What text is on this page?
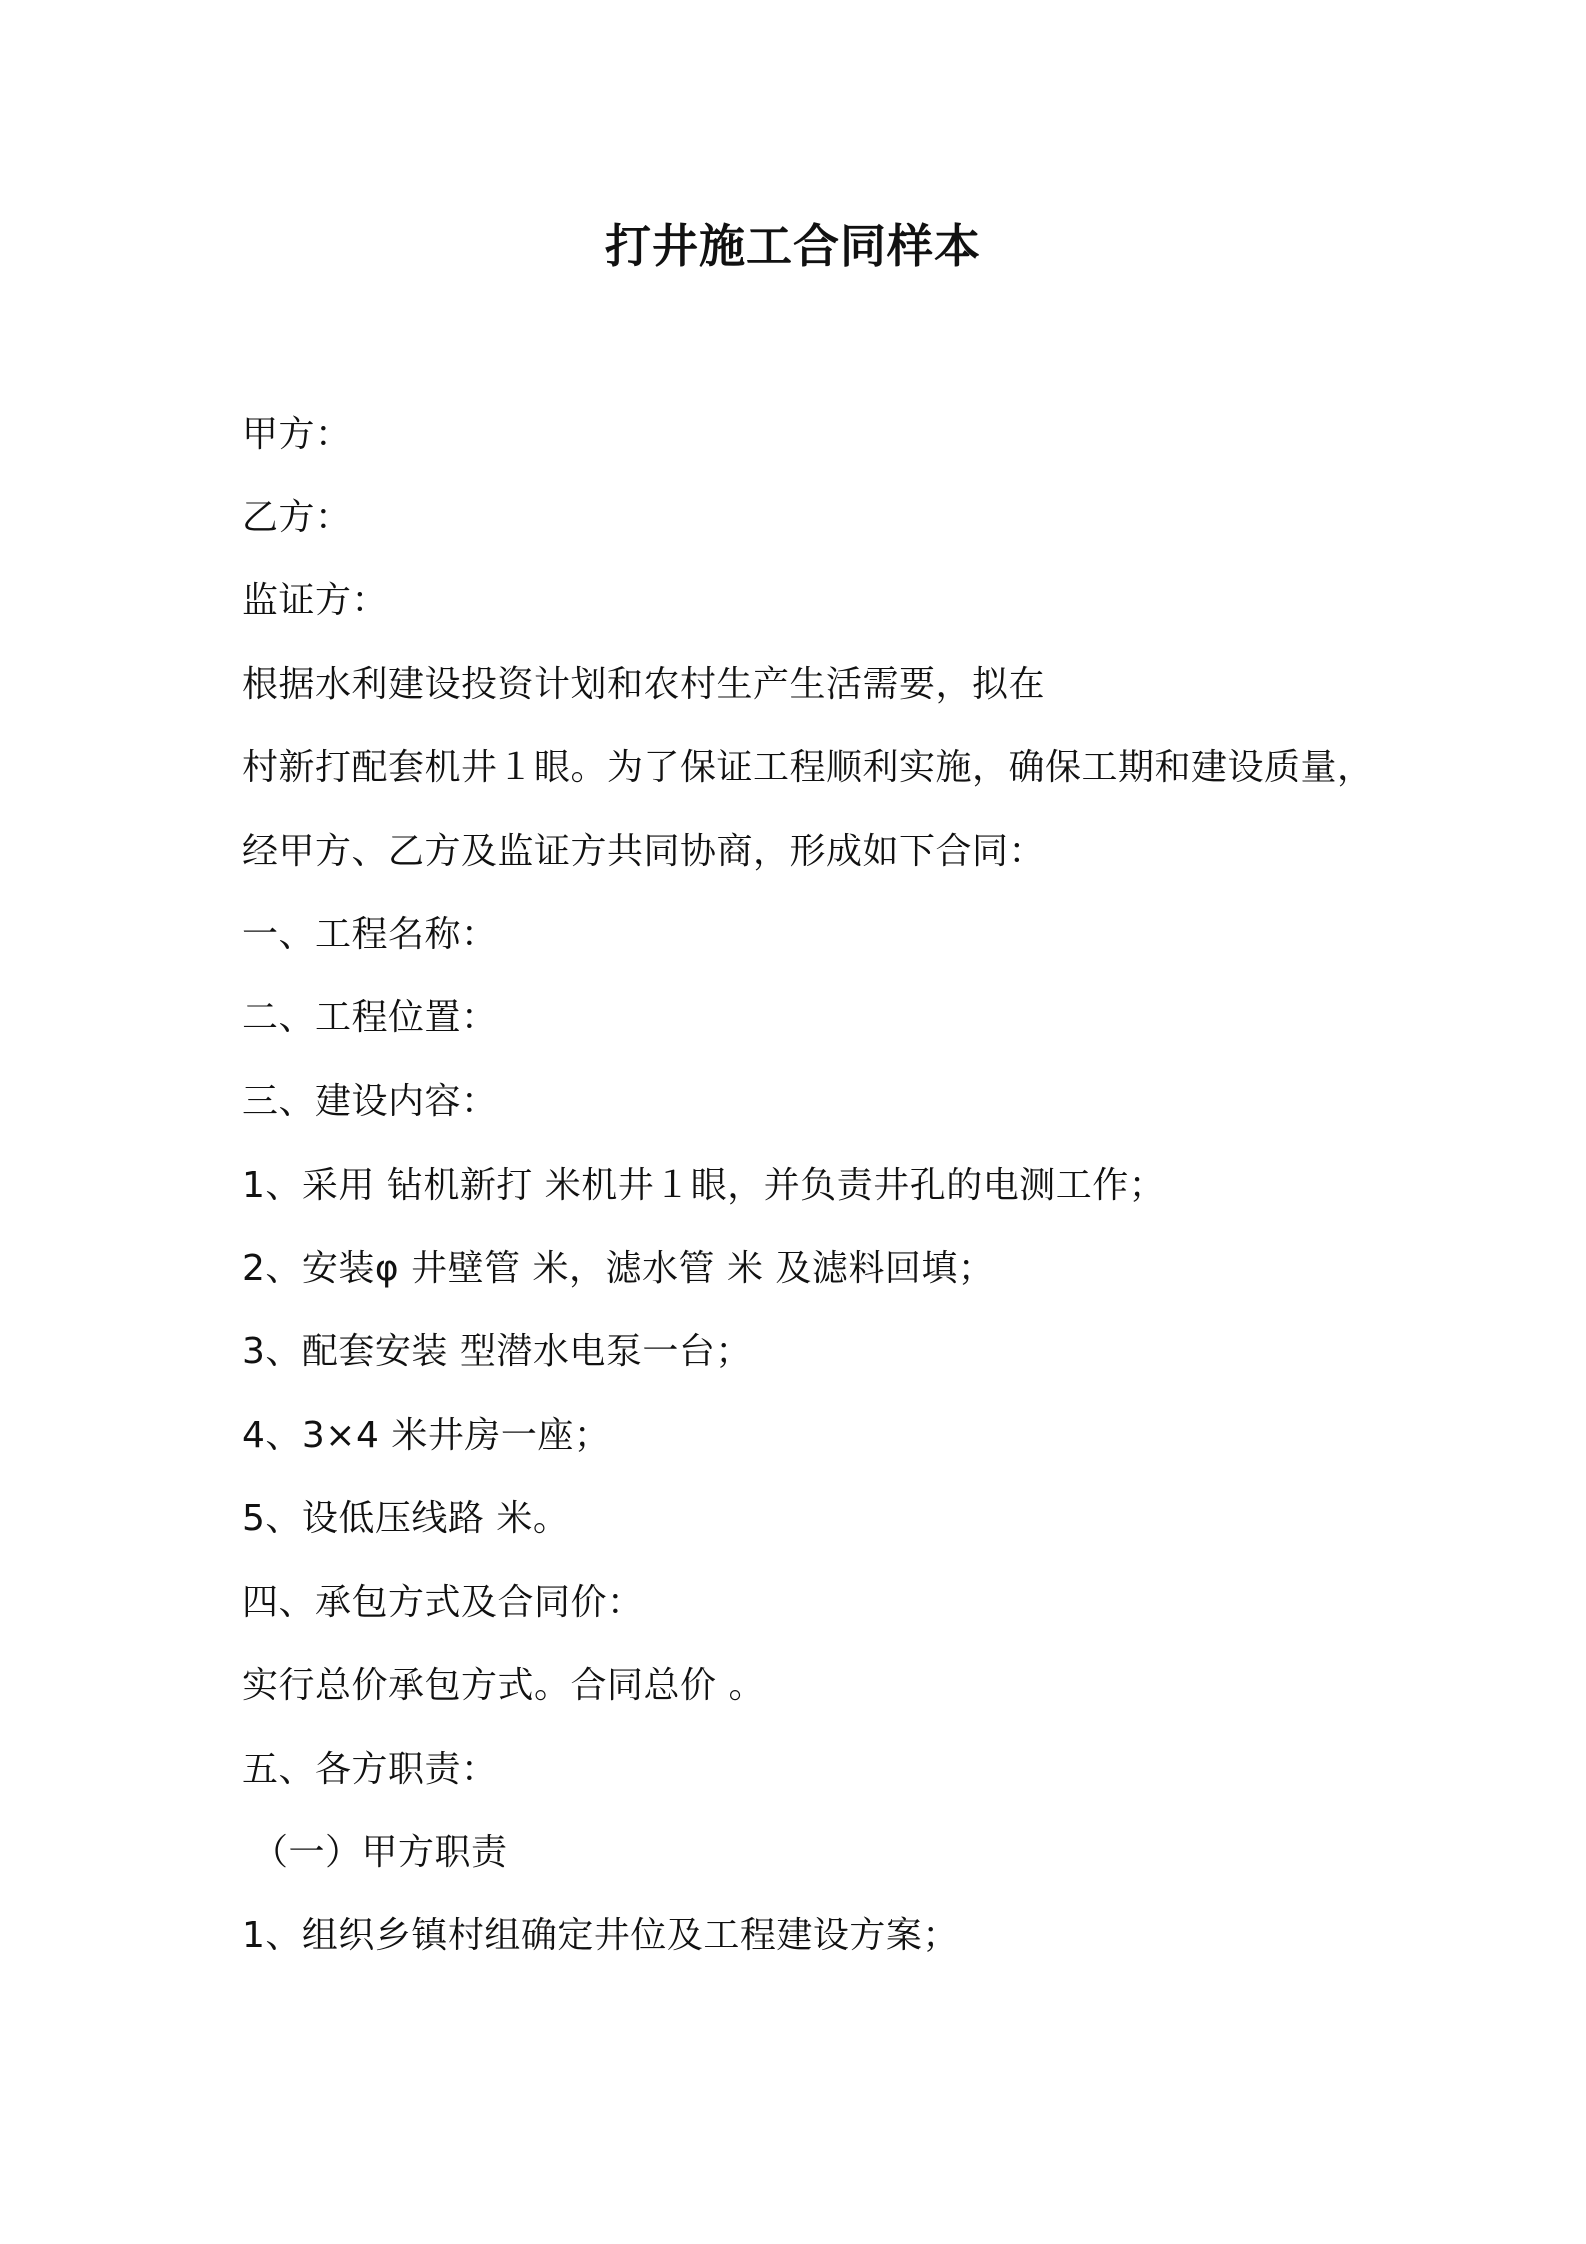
打井施工合同样本
甲方：
乙方：
监证方：
根据水利建设投资计划和农村生产生活需要，拟在
村新打配套机井１眼。为了保证工程顺利实施，确保工期和建设质量，
经甲方、乙方及监证方共同协商，形成如下合同：
一、工程名称：
二、工程位置：
三、建设内容：
1、采用 钻机新打 米机井１眼，并负责井孔的电测工作；
2、安装φ 井壁管 米，滤水管 米 及滤料回填；
3、配套安装 型潜水电泵一台；
4、3×4 米井房一座；
5、设低压线路 米。
四、承包方式及合同价：
实行总价承包方式。合同总价 。
五、各方职责：
（一）甲方职责
1、组织乡镇村组确定井位及工程建设方案；
